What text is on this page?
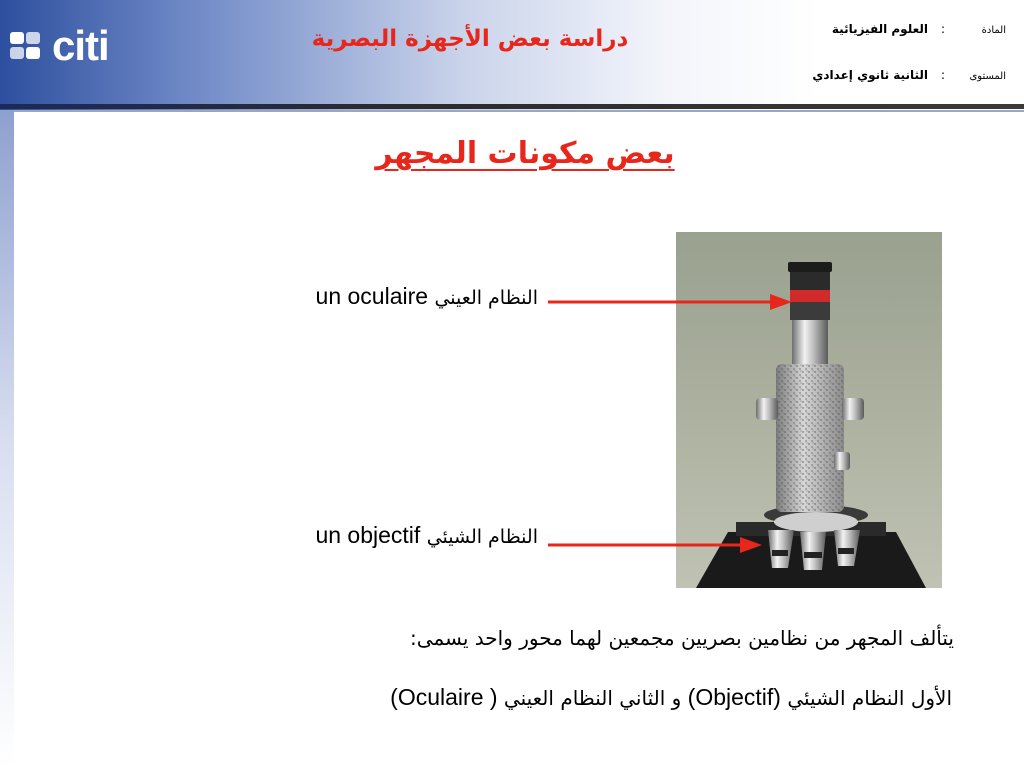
citi	دراسة بعض الأجهزة البصرية	المادة
:
العلوم الفيزيائية
المستوى
:
الثانية ثانوي إعدادي
بعض مكونات المجهر
un oculaire النظام العيني
un objectif النظام الشيئي
يتألف المجهر من نظامين بصريين مجمعين لهما محور واحد يسمى:
الأول النظام الشيئي (Objectif) و الثاني النظام العيني ( Oculaire)
